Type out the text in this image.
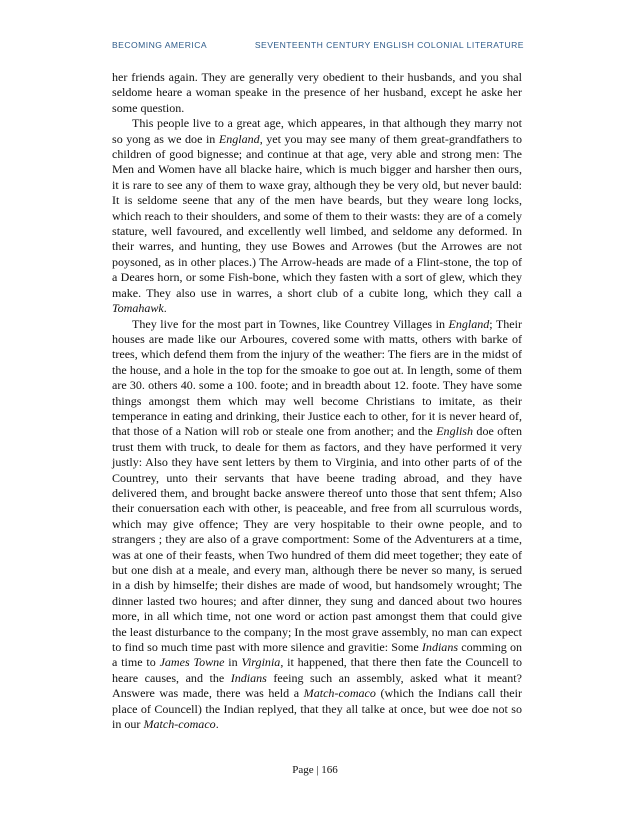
BECOMING AMERICA	SEVENTEENTH CENTURY ENGLISH COLONIAL LITERATURE

her friends again. They are generally very obedient to their husbands, and you shal seldome heare a woman speake in the presence of her husband, except he aske her some question.

This people live to a great age, which appeares, in that although they marry not so yong as we doe in England, yet you may see many of them great-grandfathers to children of good bignesse; and continue at that age, very able and strong men: The Men and Women have all blacke haire, which is much bigger and harsher then ours, it is rare to see any of them to waxe gray, although they be very old, but never bauld: It is seldome seene that any of the men have beards, but they weare long locks, which reach to their shoulders, and some of them to their wasts: they are of a comely stature, well favoured, and excellently well limbed, and seldome any deformed. In their warres, and hunting, they use Bowes and Arrowes (but the Arrowes are not poysoned, as in other places.) The Arrow-heads are made of a Flint-stone, the top of a Deares horn, or some Fish-bone, which they fasten with a sort of glew, which they make. They also use in warres, a short club of a cubite long, which they call a Tomahawk.

They live for the most part in Townes, like Countrey Villages in England; Their houses are made like our Arboures, covered some with matts, others with barke of trees, which defend them from the injury of the weather: The fiers are in the midst of the house, and a hole in the top for the smoake to goe out at. In length, some of them are 30. others 40. some a 100. foote; and in breadth about 12. foote. They have some things amongst them which may well become Christians to imitate, as their temperance in eating and drinking, their Justice each to other, for it is never heard of, that those of a Nation will rob or steale one from another; and the English doe often trust them with truck, to deale for them as factors, and they have performed it very justly: Also they have sent letters by them to Virginia, and into other parts of of the Countrey, unto their servants that have beene trading abroad, and they have delivered them, and brought backe answere thereof unto those that sent thfem; Also their conuersation each with other, is peaceable, and free from all scurrulous words, which may give offence; They are very hospitable to their owne people, and to strangers ; they are also of a grave comportment: Some of the Adventurers at a time, was at one of their feasts, when Two hundred of them did meet together; they eate of but one dish at a meale, and every man, although there be never so many, is serued in a dish by himselfe; their dishes are made of wood, but handsomely wrought; The dinner lasted two houres; and after dinner, they sung and danced about two houres more, in all which time, not one word or action past amongst them that could give the least disturbance to the company; In the most grave assembly, no man can expect to find so much time past with more silence and gravitie: Some Indians comming on a time to James Towne in Virginia, it happened, that there then fate the Councell to heare causes, and the Indians feeing such an assembly, asked what it meant? Answere was made, there was held a Match-comaco (which the Indians call their place of Councell) the Indian replyed, that they all talke at once, but wee doe not so in our Match-comaco.

Page | 166
